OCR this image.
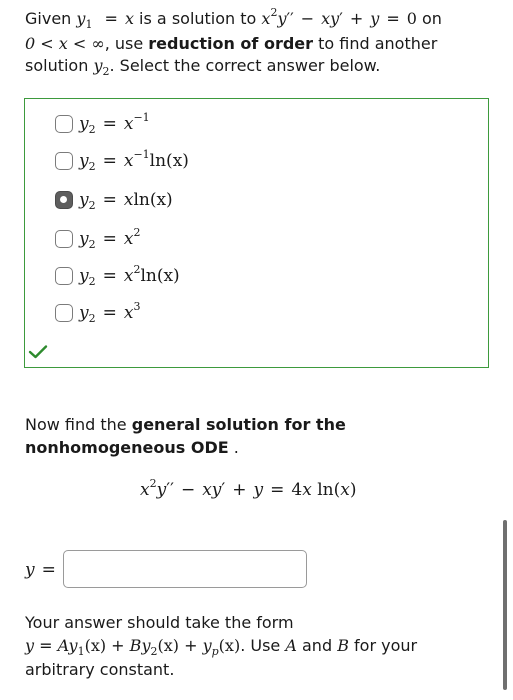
Given $y_1 = x$ is a solution to $x^2y'' - xy' + y = 0$ on
0 < x < ∞, use reduction of order to find another
solution $y_2$. Select the correct answer below.
$y_2 = x^{-1}$
$y_2 = x^{-1}$ ln(x)
$y_2 = x$ ln(x)
$y_2 = x^2$
$y_2 = x^2$ ln(x)
$y_2 = x^3$
Now find the general solution for the nonhomogeneous ODE .
$x^2y'' - xy' + y = 4x$ ln(x)
y =
Your answer should take the form
$y = Ay_1(x) + By_2(x) + y_p(x)$. Use A and B for your
arbitrary constant.
